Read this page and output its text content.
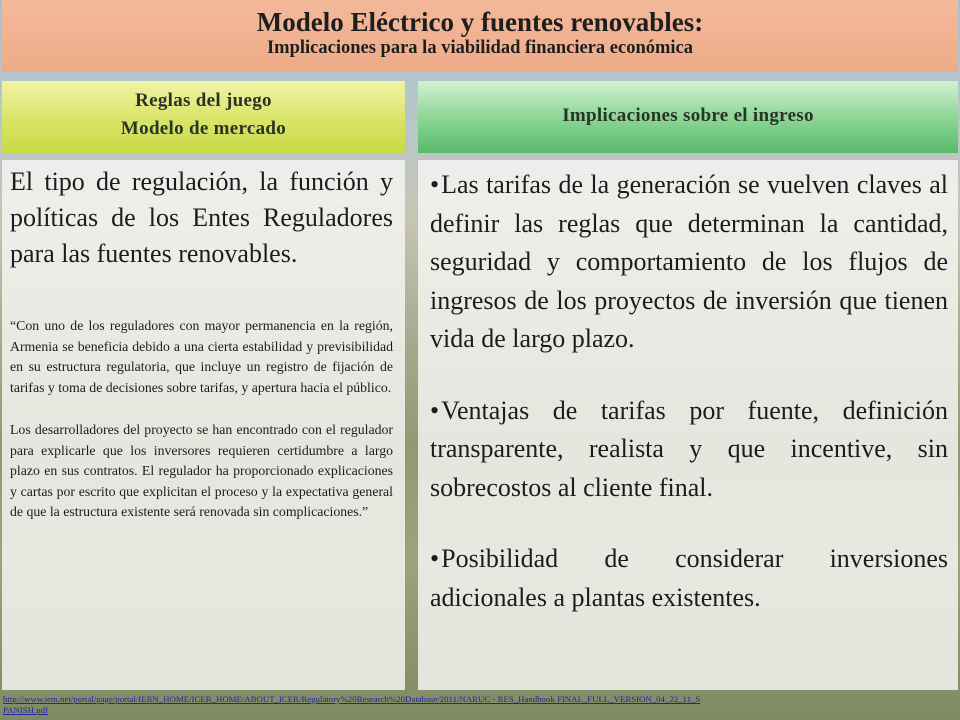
Modelo Eléctrico y fuentes renovables:
Implicaciones para la viabilidad financiera económica
Reglas del juego
Modelo de mercado
Implicaciones sobre el ingreso

El tipo de regulación, la función y políticas de los Entes Reguladores para las fuentes renovables.

“Con uno de los reguladores con mayor permanencia en la región, Armenia se beneficia debido a una cierta estabilidad y previsibilidad en su estructura regulatoria, que incluye un registro de fijación de tarifas y toma de decisiones sobre tarifas, y apertura hacia el público.

Los desarrolladores del proyecto se han encontrado con el regulador para explicarle que los inversores requieren certidumbre a largo plazo en sus contratos. El regulador ha proporcionado explicaciones y cartas por escrito que explicitan el proceso y la expectativa general de que la estructura existente será renovada sin complicaciones.”

•Las tarifas de la generación se vuelven claves al definir las reglas que determinan la cantidad, seguridad y comportamiento de los flujos de ingresos de los proyectos de inversión que tienen vida de largo plazo.

•Ventajas de tarifas por fuente, definición transparente, realista y que incentive, sin sobrecostos al cliente final.

•Posibilidad de considerar inversiones adicionales a plantas existentes.

http://www.iem.net/portal/page/portal/IERN_HOME/ICER_HOME/ABOUT_ICER/Regulatory%20Research%20Database/2011/NARUC - RES_Handbook FINAL_FULL_VERSION_04_22_11_SPANISH.pdf
